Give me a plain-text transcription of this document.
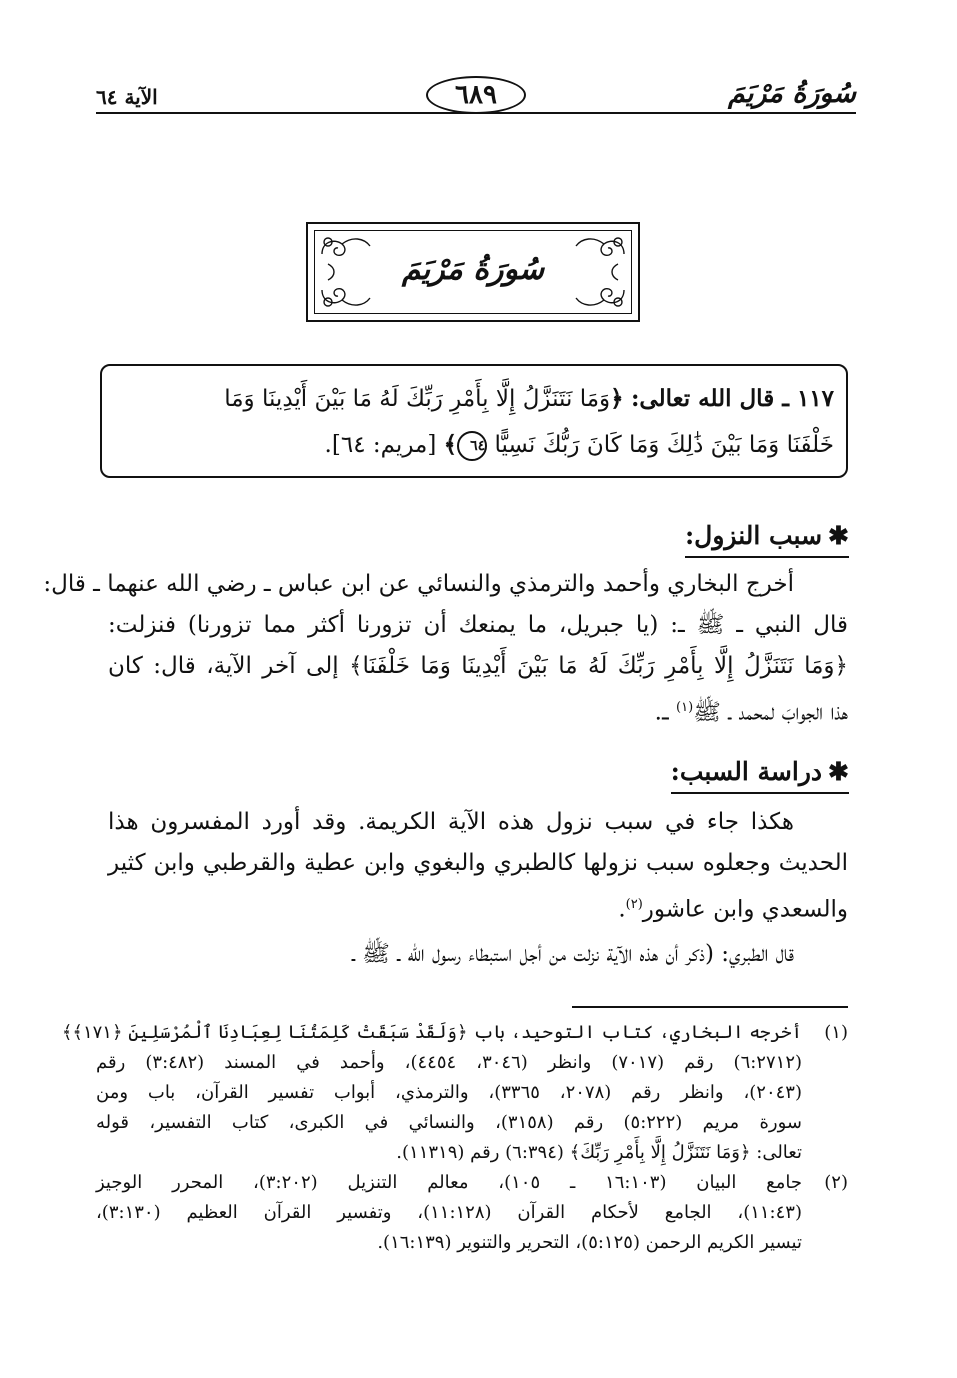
سُورَةُ مَرْيَمَ
٦٨٩
الآية ٦٤
سُورَةُ مَرْيَمَ
١١٧ ـ قال الله تعالى: ﴿وَمَا نَتَنَزَّلُ إِلَّا بِأَمْرِ رَبِّكَ لَهُ مَا بَيْنَ أَيْدِينَا وَمَا
خَلْفَنَا وَمَا بَيْنَ ذَٰلِكَ وَمَا كَانَ رَبُّكَ نَسِيًّا ٦٤﴾ [مريم: ٦٤].
✱سبب النزول:
أخرج البخاري وأحمد والترمذي والنسائي عن ابن عباس ـ رضي الله عنهما ـ قال:
قال النبي ـ ﷺ ـ: (يا جبريل، ما يمنعك أن تزورنا أكثر مما تزورنا) فنزلت:
﴿وَمَا نَتَنَزَّلُ إِلَّا بِأَمْرِ رَبِّكَ لَهُ مَا بَيْنَ أَيْدِينَا وَمَا خَلْفَنَا﴾ إلى آخر الآية، قال: كان
هذا الجوابَ لمحمد ـ ﷺ$^{(١)}$ ـ.
✱دراسة السبب:
هكذا جاء في سبب نزول هذه الآية الكريمة. وقد أورد المفسرون هذا
الحديث وجعلوه سبب نزولها كالطبري والبغوي وابن عطية والقرطبي وابن كثير
والسعدي وابن عاشور$^{(٢)}$.
قال الطبري: (ذكر أن هذه الآية نزلت من أجل استبطاء رسول الله ـ ﷺ ـ
(١)
أخرجه البخاري، كتاب التوحيد، باب ﴿وَلَقَدْ سَبَقَتْ كَلِمَتُنَا لِعِبَادِنَا ٱلْمُرْسَلِينَ ﴿١٧١﴾﴾
(٦:٢٧١٢) رقم (٧٠١٧) وانظر (٣٠٤٦، ٤٤٥٤)، وأحمد في المسند (٣:٤٨٢) رقم
(٢٠٤٣)، وانظر رقم (٢٠٧٨، ٣٣٦٥)، والترمذي، أبواب تفسير القرآن، باب ومن
سورة مريم (٥:٢٢٢) رقم (٣١٥٨)، والنسائي في الكبرى، كتاب التفسير، قوله
تعالى: ﴿وَمَا نَتَنَزَّلُ إِلَّا بِأَمْرِ رَبِّكَ﴾ (٦:٣٩٤) رقم (١١٣١٩).
(٢)
جامع البيان (١٦:١٠٣ ـ ١٠٥)، معالم التنزيل (٣:٢٠٢)، المحرر الوجيز
(١١:٤٣)، الجامع لأحكام القرآن (١١:١٢٨)، وتفسير القرآن العظيم (٣:١٣٠)،
تيسير الكريم الرحمن (٥:١٢٥)، التحرير والتنوير (١٦:١٣٩).
